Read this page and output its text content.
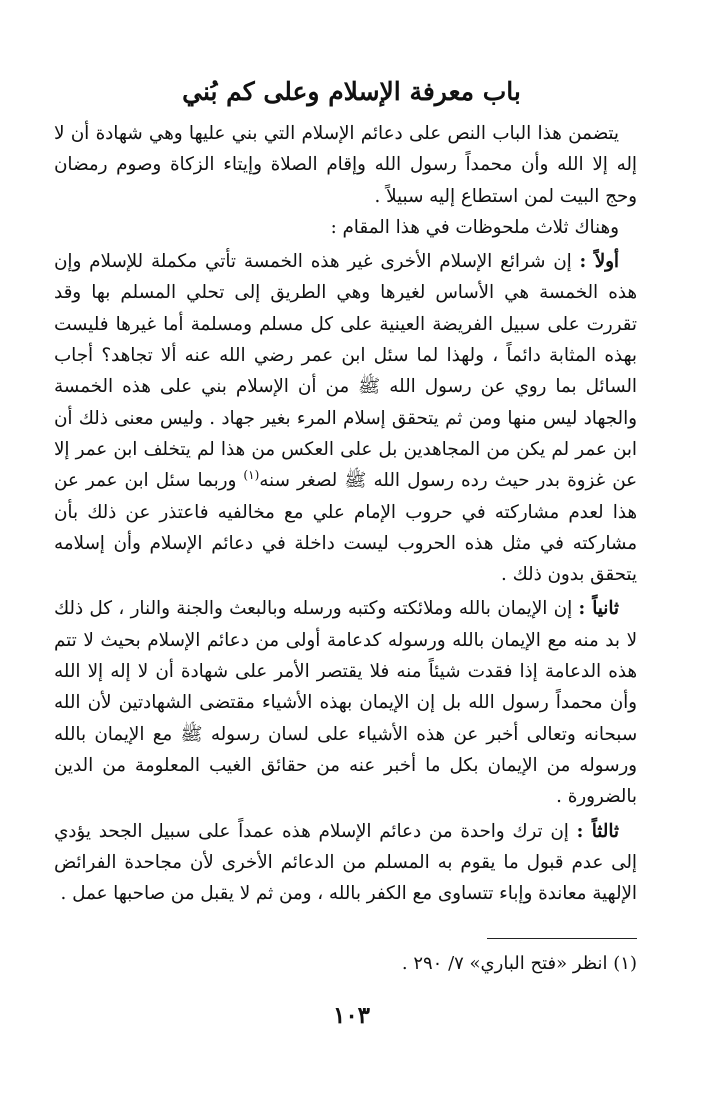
باب معرفة الإسلام وعلى كم بُني

يتضمن هذا الباب النص على دعائم الإسلام التي بني عليها وهي شهادة أن لا إله إلا الله وأن محمداً رسول الله وإقام الصلاة وإيتاء الزكاة وصوم رمضان وحج البيت لمن استطاع إليه سبيلاً .

وهناك ثلاث ملحوظات في هذا المقام :

أولاً : إن شرائع الإسلام الأخرى غير هذه الخمسة تأتي مكملة للإسلام وإن هذه الخمسة هي الأساس لغيرها وهي الطريق إلى تحلي المسلم بها وقد تقررت على سبيل الفريضة العينية على كل مسلم ومسلمة أما غيرها فليست بهذه المثابة دائماً ، ولهذا لما سئل ابن عمر رضي الله عنه ألا تجاهد؟ أجاب السائل بما روي عن رسول الله ﷺ من أن الإسلام بني على هذه الخمسة والجهاد ليس منها ومن ثم يتحقق إسلام المرء بغير جهاد . وليس معنى ذلك أن ابن عمر لم يكن من المجاهدين بل على العكس من هذا لم يتخلف ابن عمر إلا عن غزوة بدر حيث رده رسول الله ﷺ لصغر سنه$^{(١)}$ وربما سئل ابن عمر عن هذا لعدم مشاركته في حروب الإمام علي مع مخالفيه فاعتذر عن ذلك بأن مشاركته في مثل هذه الحروب ليست داخلة في دعائم الإسلام وأن إسلامه يتحقق بدون ذلك .

ثانياً : إن الإيمان بالله وملائكته وكتبه ورسله وبالبعث والجنة والنار ، كل ذلك لا بد منه مع الإيمان بالله ورسوله كدعامة أولى من دعائم الإسلام بحيث لا تتم هذه الدعامة إذا فقدت شيئاً منه فلا يقتصر الأمر على شهادة أن لا إله إلا الله وأن محمداً رسول الله بل إن الإيمان بهذه الأشياء مقتضى الشهادتين لأن الله سبحانه وتعالى أخبر عن هذه الأشياء على لسان رسوله ﷺ مع الإيمان بالله ورسوله من الإيمان بكل ما أخبر عنه من حقائق الغيب المعلومة من الدين بالضرورة .

ثالثاً : إن ترك واحدة من دعائم الإسلام هذه عمداً على سبيل الجحد يؤدي إلى عدم قبول ما يقوم به المسلم من الدعائم الأخرى لأن مجاحدة الفرائض الإلهية معاندة وإباء تتساوى مع الكفر بالله ، ومن ثم لا يقبل من صاحبها عمل .

(١) انظر «فتح الباري» ٧/ ٢٩٠ .
١٠٣
